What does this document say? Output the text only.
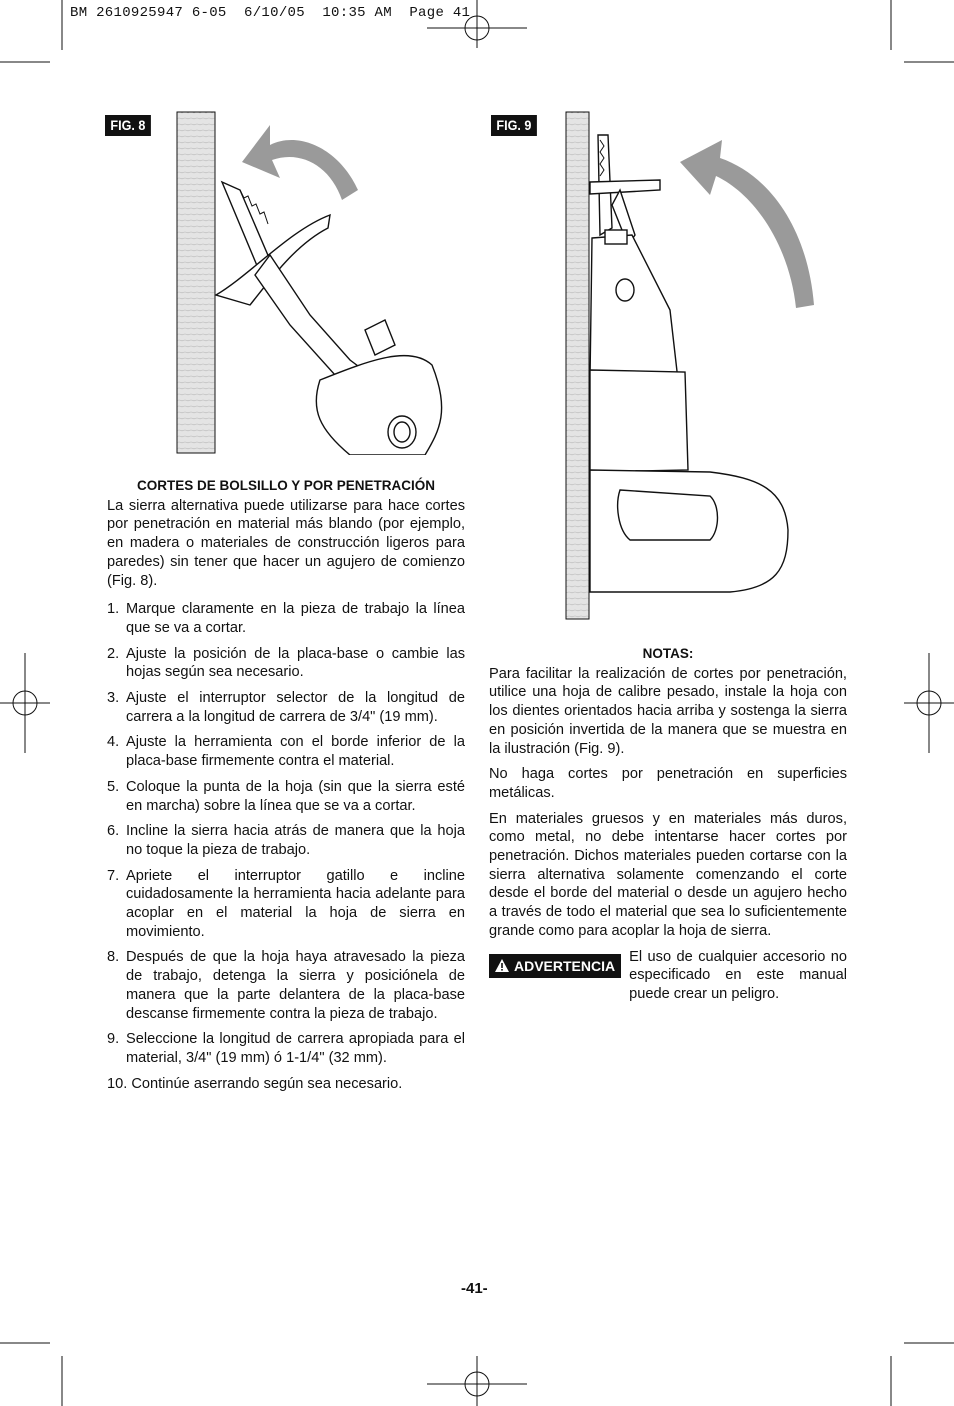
BM 2610925947 6-05  6/10/05  10:35 AM  Page 41
FIG. 8	FIG. 9
CORTES DE BOLSILLO Y POR PENETRACIÓN

La sierra alternativa puede utilizarse para hace cortes por penetración en material más blando (por ejemplo, en madera o materiales de construcción ligeros para paredes) sin tener que hacer un agujero de comienzo (Fig. 8).

1. Marque claramente en la pieza de trabajo la línea que se va a cortar.
2. Ajuste la posición de la placa-base o cambie las hojas según sea necesario.
3. Ajuste el interruptor selector de la longitud de carrera a la longitud de carrera de 3/4" (19 mm).
4. Ajuste la herramienta con el borde inferior de la placa-base firmemente contra el material.
5. Coloque la punta de la hoja (sin que la sierra esté en marcha) sobre la línea que se va a cortar.
6. Incline la sierra hacia atrás de manera que la hoja no toque la pieza de trabajo.
7. Apriete el interruptor gatillo e incline cuidadosamente la herramienta hacia adelante para acoplar en el material la hoja de sierra en movimiento.
8. Después de que la hoja haya atravesado la pieza de trabajo, detenga la sierra y posiciónela de manera que la parte delantera de la placa-base descanse firmemente contra la pieza de trabajo.
9. Seleccione la longitud de carrera apropiada para el material, 3/4" (19 mm) ó 1-1/4" (32 mm).
10. Continúe aserrando según sea necesario.
NOTAS:

Para facilitar la realización de cortes por penetración, utilice una hoja de calibre pesado, instale la hoja con los dientes orientados hacia arriba y sostenga la sierra en posición invertida de la manera que se muestra en la ilustración (Fig. 9).

No haga cortes por penetración en superficies metálicas.

En materiales gruesos y en materiales más duros, como metal, no debe intentarse hacer cortes por penetración. Dichos materiales pueden cortarse con la sierra alternativa solamente comenzando el corte desde el borde del material o desde un agujero hecho a través de todo el material que sea lo suficientemente grande como para acoplar la hoja de sierra.

ADVERTENCIA
El uso de cualquier accesorio no especificado en este manual puede crear un peligro.
-41-
